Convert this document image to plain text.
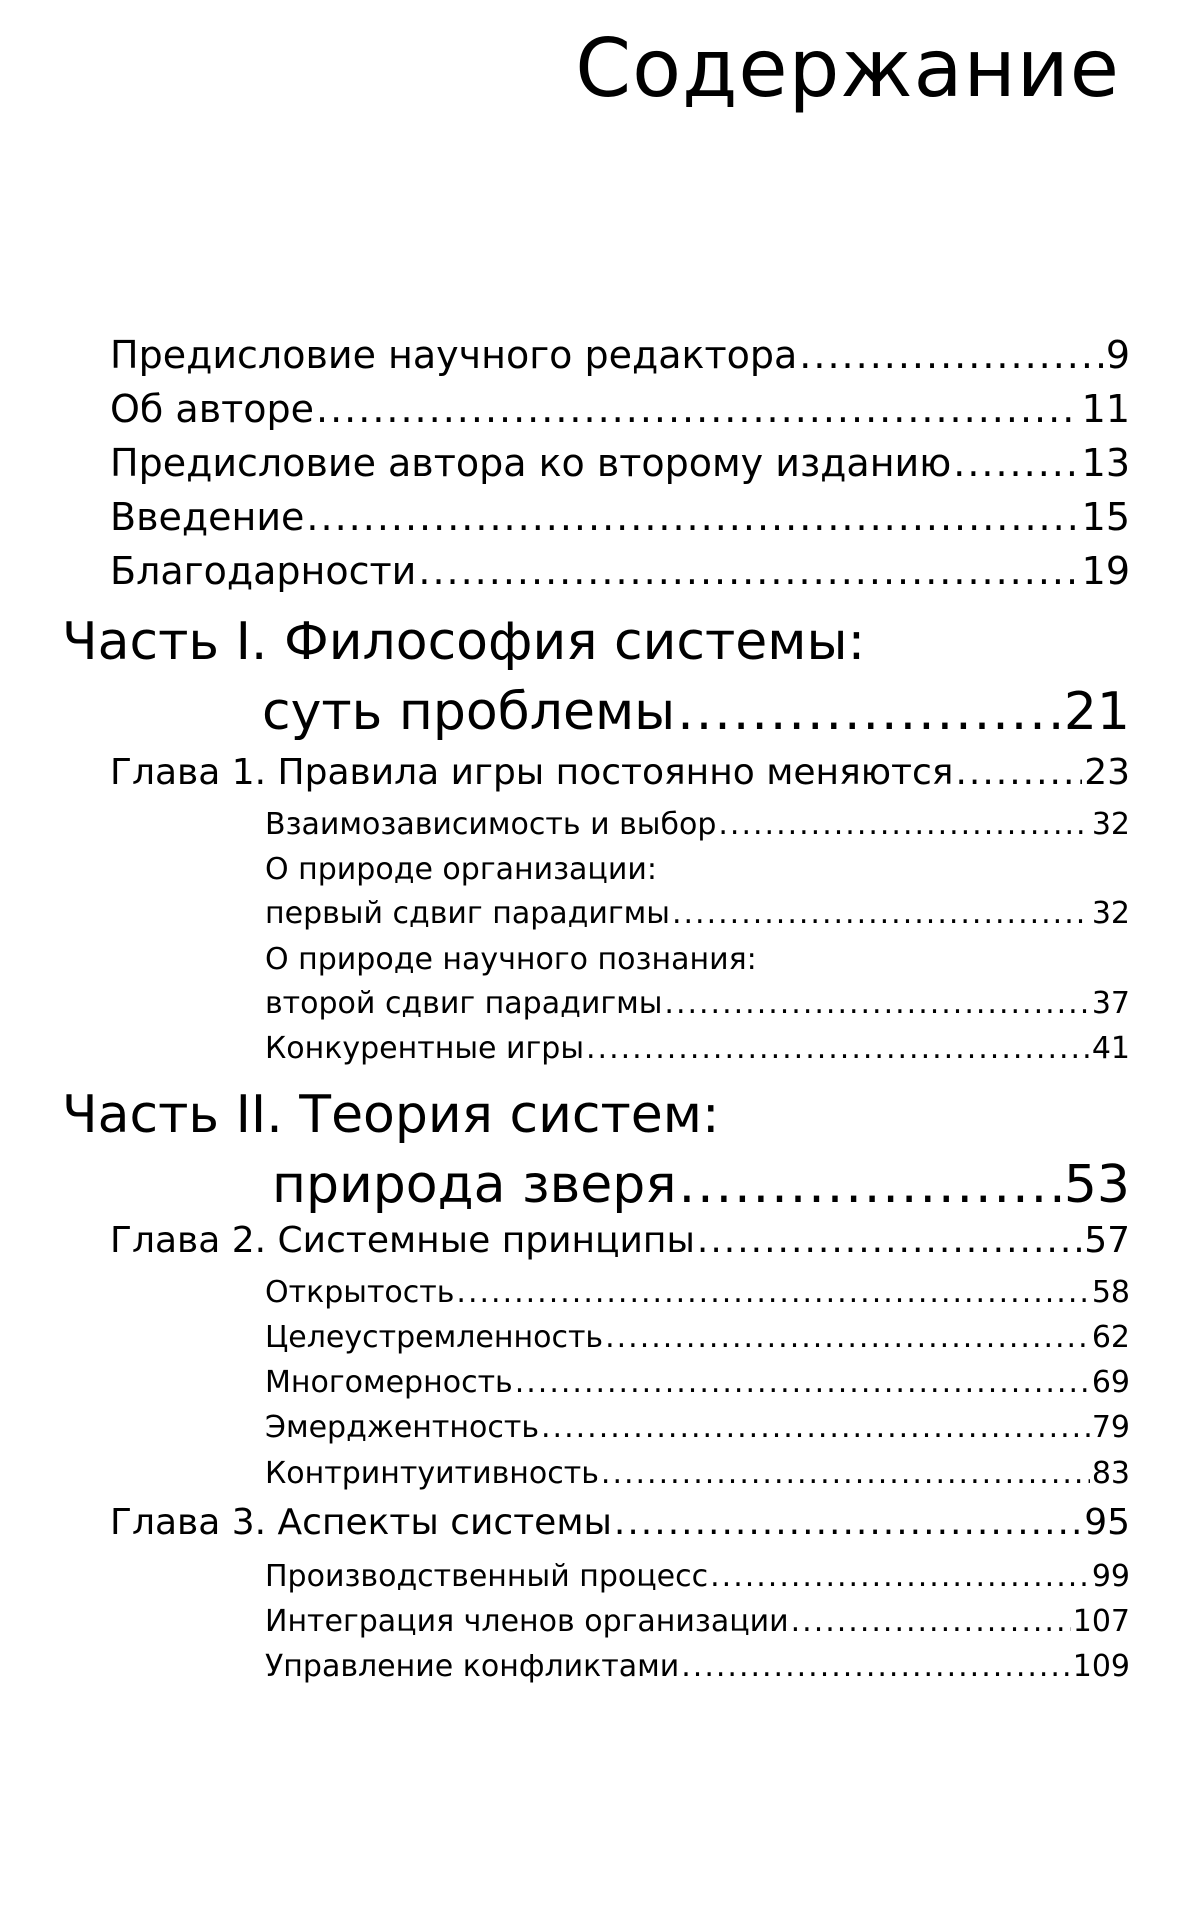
Содержание
Предисловие научного редактора .....	9
Об авторе .....	11
Предисловие автора ко второму изданию .....	13
Введение .....	15
Благодарности .....	19
Часть I. Философия системы:
суть проблемы .....	21
Глава 1. Правила игры постоянно меняются .....	23
Взаимозависимость и выбор .....	32
О природе организации:
первый сдвиг парадигмы .....	32
О природе научного познания:
второй сдвиг парадигмы .....	37
Конкурентные игры .....	41
Часть II. Теория систем:
природа зверя .....	53
Глава 2. Системные принципы .....	57
Открытость .....	58
Целеустремленность .....	62
Многомерность .....	69
Эмерджентность .....	79
Контринтуитивность .....	83
Глава 3. Аспекты системы .....	95
Производственный процесс .....	99
Интеграция членов организации .....	107
Управление конфликтами .....	109
